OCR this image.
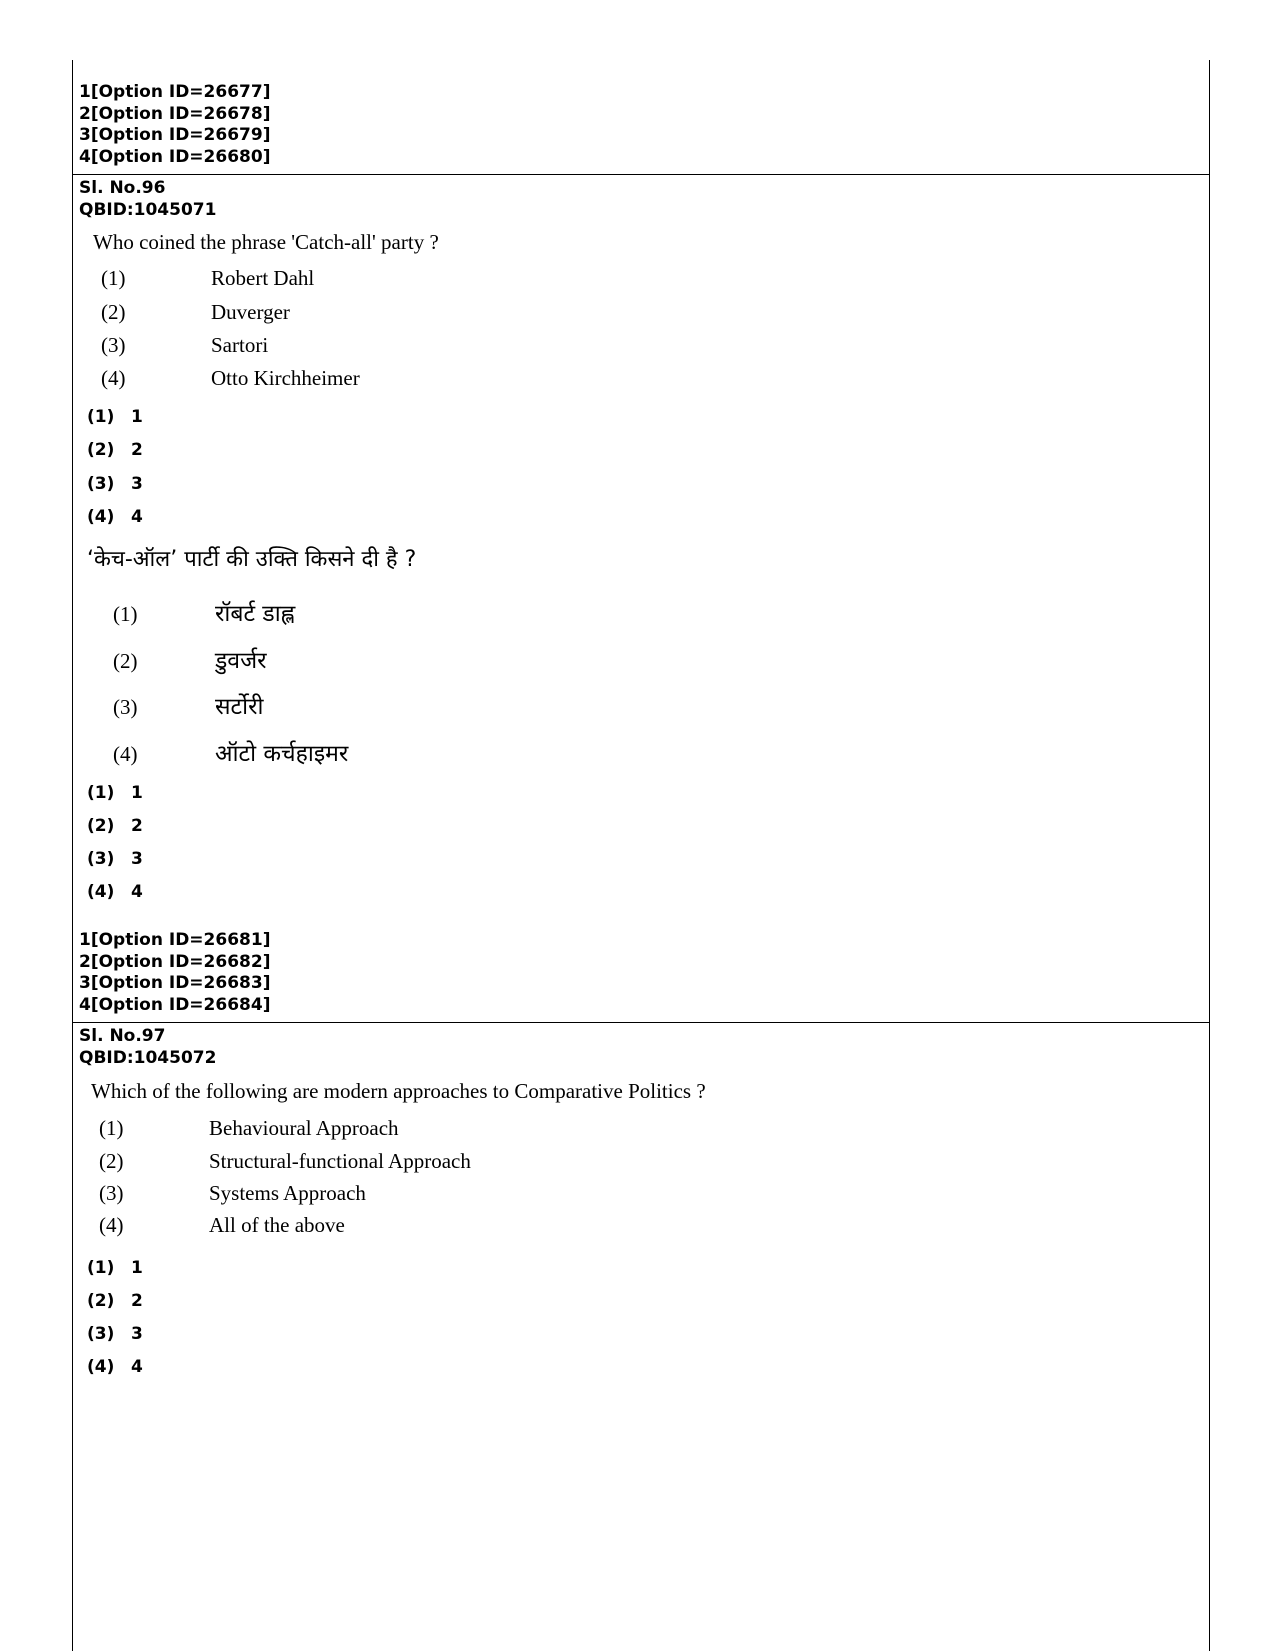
1[Option ID=26677]
2[Option ID=26678]
3[Option ID=26679]
4[Option ID=26680]
Sl. No.96
QBID:1045071
Who coined the phrase 'Catch-all' party ?
(1)	Robert Dahl
(2)	Duverger
(3)	Sartori
(4)	Otto Kirchheimer
(1) 1
(2) 2
(3) 3
(4) 4
‘केच-ऑल’ पार्टी की उक्ति किसने दी है ?
(1)	रॉबर्ट डाह्ल
(2)	डुवर्जर
(3)	सर्टोरी
(4)	ऑटो कर्चहाइमर
(1) 1
(2) 2
(3) 3
(4) 4
1[Option ID=26681]
2[Option ID=26682]
3[Option ID=26683]
4[Option ID=26684]
Sl. No.97
QBID:1045072
Which of the following are modern approaches to Comparative Politics ?
(1)	Behavioural Approach
(2)	Structural-functional Approach
(3)	Systems Approach
(4)	All of the above
(1) 1
(2) 2
(3) 3
(4) 4
